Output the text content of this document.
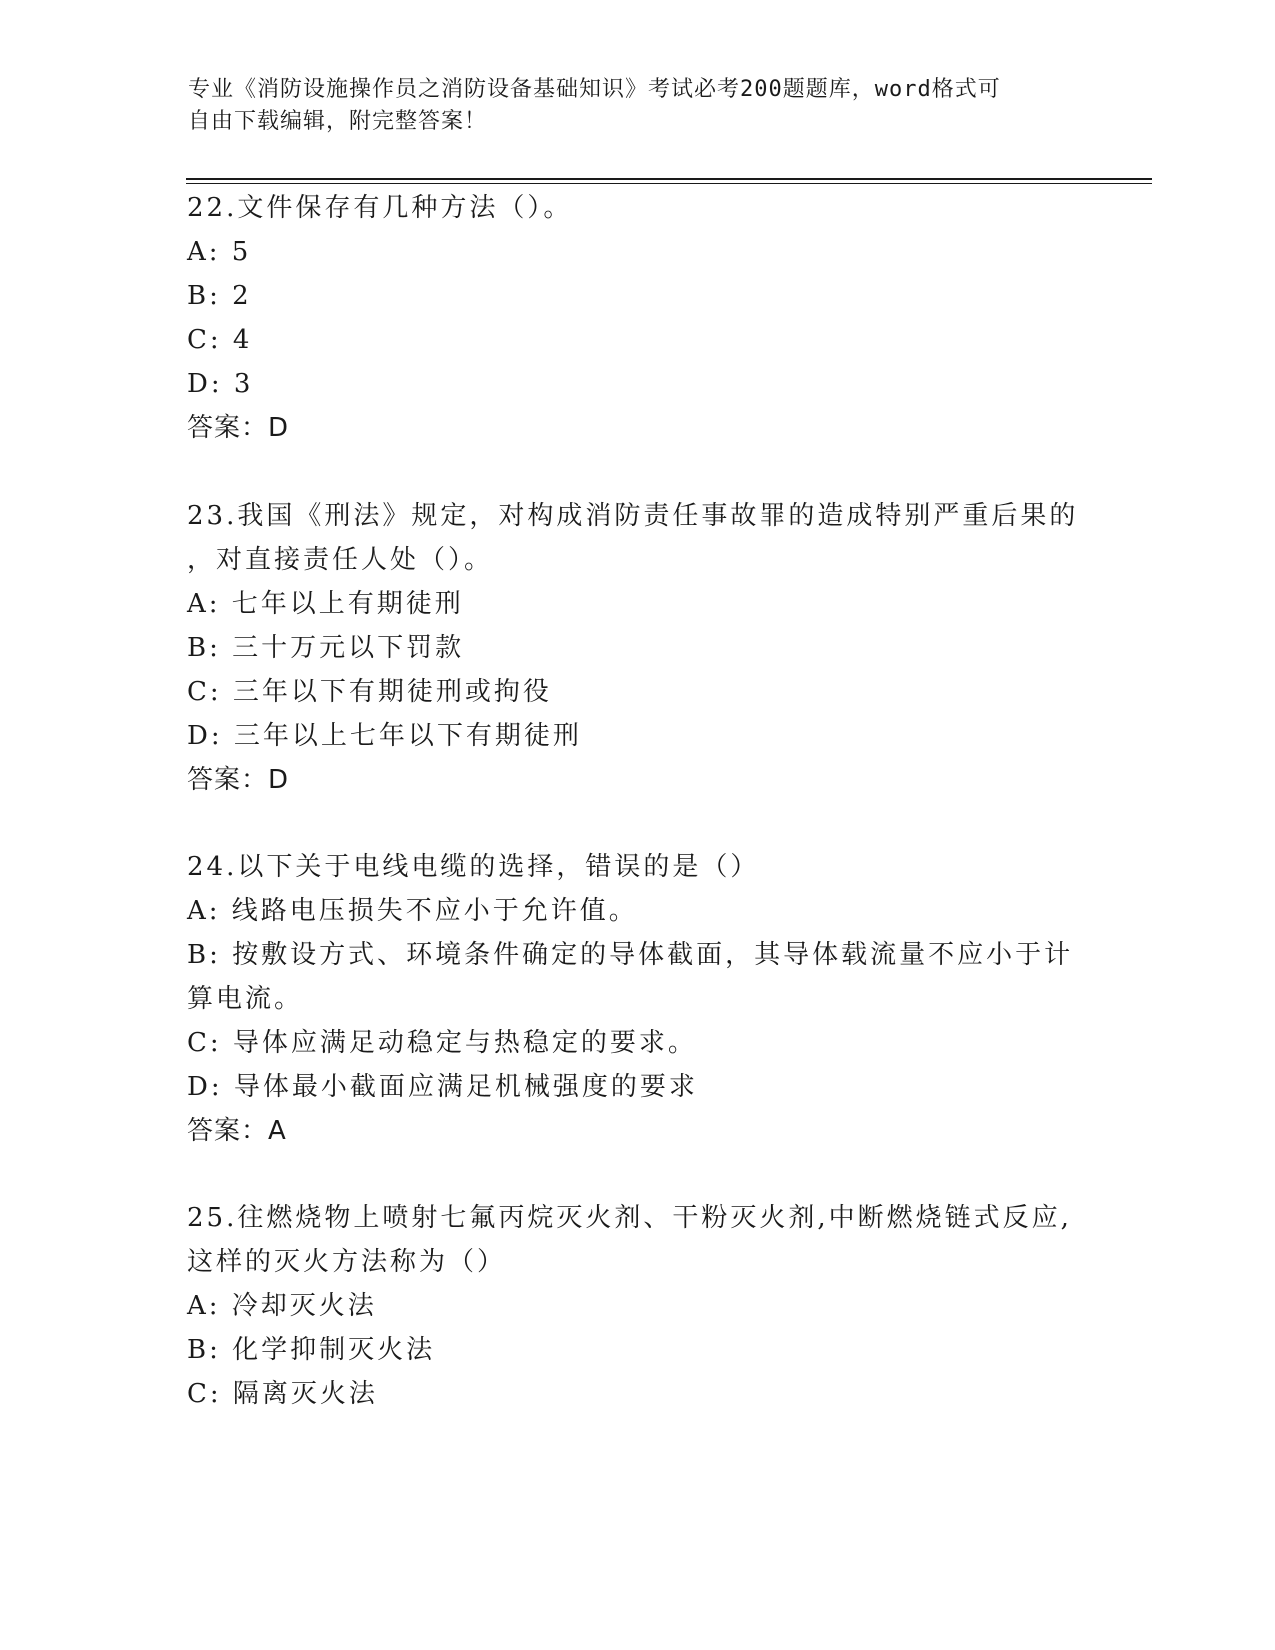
专业《消防设施操作员之消防设备基础知识》考试必考200题题库，word格式可
自由下载编辑，附完整答案！
22.文件保存有几种方法（）。
A: 5
B: 2
C: 4
D: 3
答案：D
23.我国《刑法》规定，对构成消防责任事故罪的造成特别严重后果的
，对直接责任人处（）。
A: 七年以上有期徒刑
B: 三十万元以下罚款
C: 三年以下有期徒刑或拘役
D: 三年以上七年以下有期徒刑
答案：D
24.以下关于电线电缆的选择，错误的是（）
A: 线路电压损失不应小于允许值。
B: 按敷设方式、环境条件确定的导体截面，其导体载流量不应小于计
算电流。
C: 导体应满足动稳定与热稳定的要求。
D: 导体最小截面应满足机械强度的要求
答案：A
25.往燃烧物上喷射七氟丙烷灭火剂、干粉灭火剂,中断燃烧链式反应,
这样的灭火方法称为（）
A: 冷却灭火法
B: 化学抑制灭火法
C: 隔离灭火法
